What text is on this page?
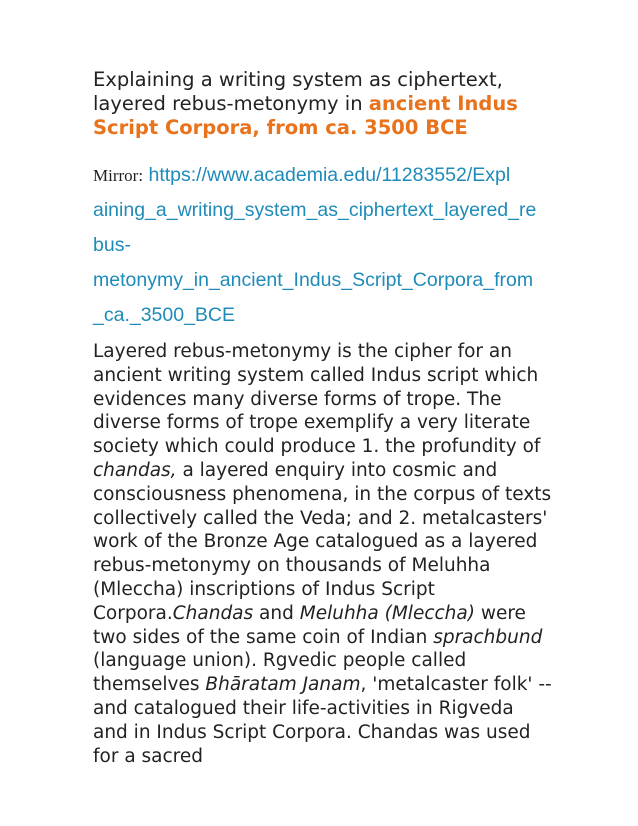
Explaining a writing system as ciphertext, layered rebus-metonymy in ancient Indus Script Corpora, from ca. 3500 BCE
Mirror: https://www.academia.edu/11283552/Expl
aining_a_writing_system_as_ciphertext_layered_re
bus-
metonymy_in_ancient_Indus_Script_Corpora_from
_ca._3500_BCE
Layered rebus-metonymy is the cipher for an ancient writing system called Indus script which evidences many diverse forms of trope. The diverse forms of trope exemplify a very literate society which could produce 1. the profundity of chandas, a layered enquiry into cosmic and consciousness phenomena, in the corpus of texts collectively called the Veda; and 2. metalcasters' work of the Bronze Age catalogued as a layered rebus-metonymy on thousands of Meluhha (Mleccha) inscriptions of Indus Script Corpora.Chandas and Meluhha (Mleccha) were two sides of the same coin of Indian sprachbund (language union). Rgvedic people called themselves Bhāratam Janam, 'metalcaster folk' -- and catalogued their life-activities in Rigveda and in Indus Script Corpora. Chandas was used for a sacred
